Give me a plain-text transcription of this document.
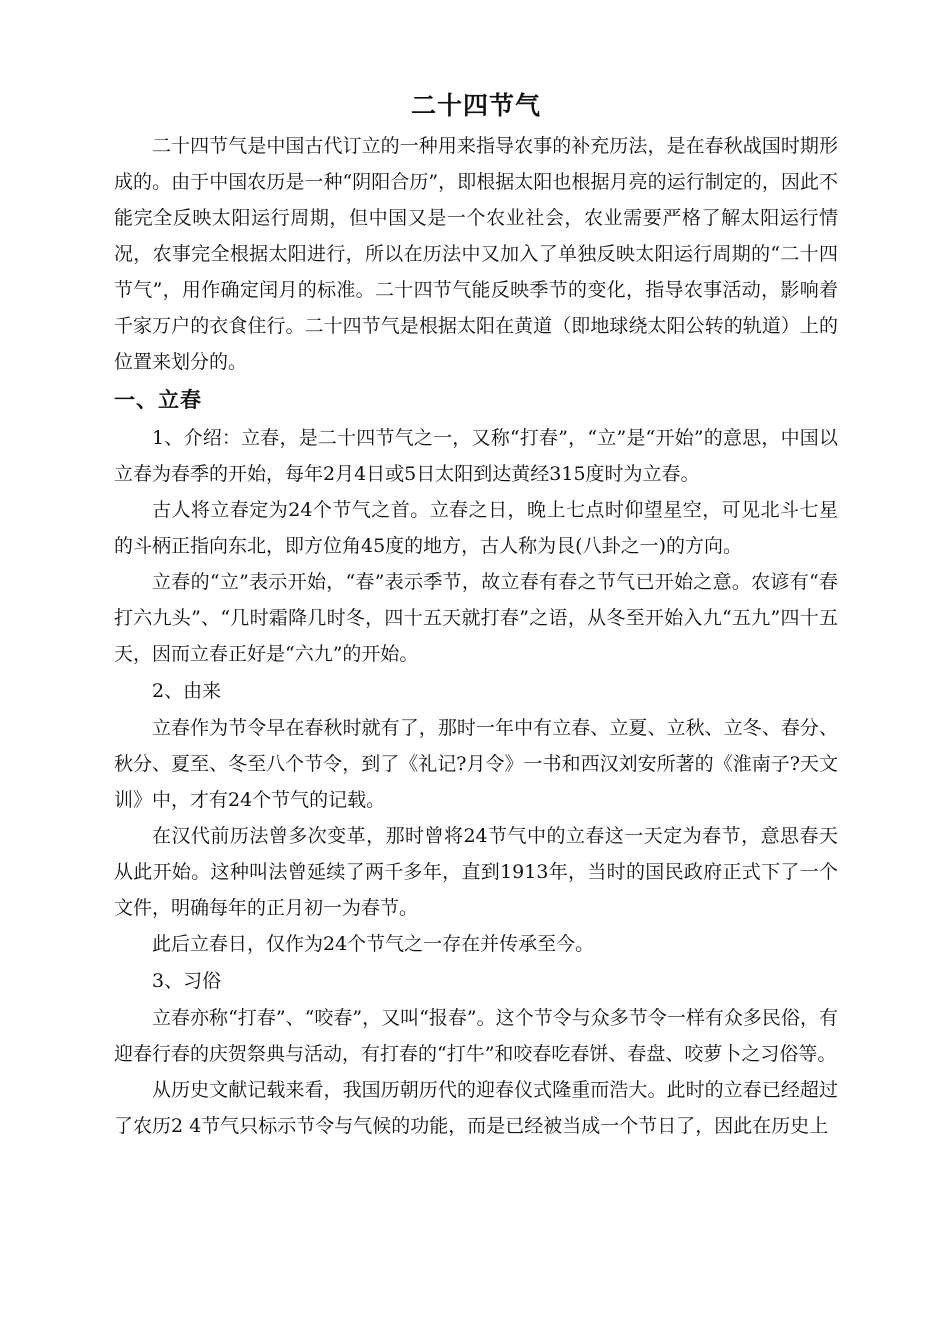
二十四节气

二十四节气是中国古代订立的一种用来指导农事的补充历法，是在春秋战国时期形成的。由于中国农历是一种“阴阳合历”，即根据太阳也根据月亮的运行制定的，因此不能完全反映太阳运行周期，但中国又是一个农业社会，农业需要严格了解太阳运行情况，农事完全根据太阳进行，所以在历法中又加入了单独反映太阳运行周期的“二十四节气”，用作确定闰月的标准。二十四节气能反映季节的变化，指导农事活动，影响着千家万户的衣食住行。二十四节气是根据太阳在黄道（即地球绕太阳公转的轨道）上的位置来划分的。

一、立春

1、介绍：立春，是二十四节气之一，又称“打春”，“立”是“开始”的意思，中国以立春为春季的开始，每年2月4日或5日太阳到达黄经315度时为立春。

古人将立春定为24个节气之首。立春之日，晚上七点时仰望星空，可见北斗七星的斗柄正指向东北，即方位角45度的地方，古人称为艮(八卦之一)的方向。

立春的“立”表示开始，“春”表示季节，故立春有春之节气已开始之意。农谚有“春打六九头”、“几时霜降几时冬，四十五天就打春”之语，从冬至开始入九“五九”四十五天，因而立春正好是“六九”的开始。

2、由来

立春作为节令早在春秋时就有了，那时一年中有立春、立夏、立秋、立冬、春分、秋分、夏至、冬至八个节令，到了《礼记?月令》一书和西汉刘安所著的《淮南子?天文训》中，才有24个节气的记载。

在汉代前历法曾多次变革，那时曾将24节气中的立春这一天定为春节，意思春天从此开始。这种叫法曾延续了两千多年，直到1913年，当时的国民政府正式下了一个文件，明确每年的正月初一为春节。

此后立春日，仅作为24个节气之一存在并传承至今。

3、习俗

立春亦称“打春”、“咬春”，又叫“报春”。这个节令与众多节令一样有众多民俗，有迎春行春的庆贺祭典与活动，有打春的“打牛”和咬春吃春饼、春盘、咬萝卜之习俗等。

从历史文献记载来看，我国历朝历代的迎春仪式隆重而浩大。此时的立春已经超过了农历2 4节气只标示节令与气候的功能，而是已经被当成一个节日了，因此在历史上
